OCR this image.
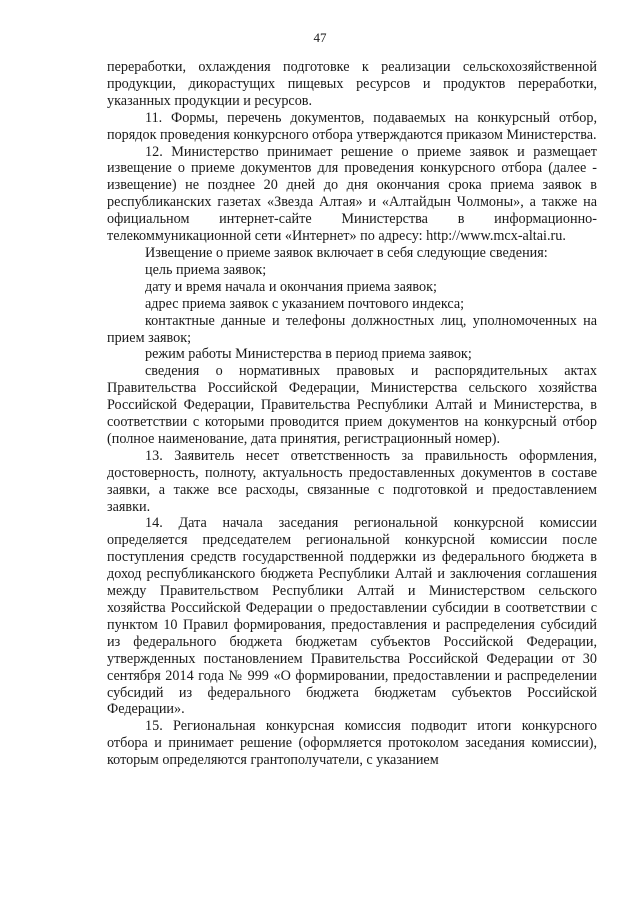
47

переработки, охлаждения подготовке к реализации сельскохозяйственной продукции, дикорастущих пищевых ресурсов и продуктов переработки, указанных продукции и ресурсов.

11. Формы, перечень документов, подаваемых на конкурсный отбор, порядок проведения конкурсного отбора утверждаются приказом Министерства.

12. Министерство принимает решение о приеме заявок и размещает извещение о приеме документов для проведения конкурсного отбора (далее - извещение) не позднее 20 дней до дня окончания срока приема заявок в республиканских газетах «Звезда Алтая» и «Алтайдын Чолмоны», а также на официальном интернет-сайте Министерства в информационно-телекоммуникационной сети «Интернет» по адресу: http://www.mcx-altai.ru.

Извещение о приеме заявок включает в себя следующие сведения:

цель приема заявок;

дату и время начала и окончания приема заявок;

адрес приема заявок с указанием почтового индекса;

контактные данные и телефоны должностных лиц, уполномоченных на прием заявок;

режим работы Министерства в период приема заявок;

сведения о нормативных правовых и распорядительных актах Правительства Российской Федерации, Министерства сельского хозяйства Российской Федерации, Правительства Республики Алтай и Министерства, в соответствии с которыми проводится прием документов на конкурсный отбор (полное наименование, дата принятия, регистрационный номер).

13. Заявитель несет ответственность за правильность оформления, достоверность, полноту, актуальность предоставленных документов в составе заявки, а также все расходы, связанные с подготовкой и предоставлением заявки.

14. Дата начала заседания региональной конкурсной комиссии определяется председателем региональной конкурсной комиссии после поступления средств государственной поддержки из федерального бюджета в доход республиканского бюджета Республики Алтай и заключения соглашения между Правительством Республики Алтай и Министерством сельского хозяйства Российской Федерации о предоставлении субсидии в соответствии с пунктом 10 Правил формирования, предоставления и распределения субсидий из федерального бюджета бюджетам субъектов Российской Федерации, утвержденных постановлением Правительства Российской Федерации от 30 сентября 2014 года № 999 «О формировании, предоставлении и распределении субсидий из федерального бюджета бюджетам субъектов Российской Федерации».

15. Региональная конкурсная комиссия подводит итоги конкурсного отбора и принимает решение (оформляется протоколом заседания комиссии), которым определяются грантополучатели, с указанием
